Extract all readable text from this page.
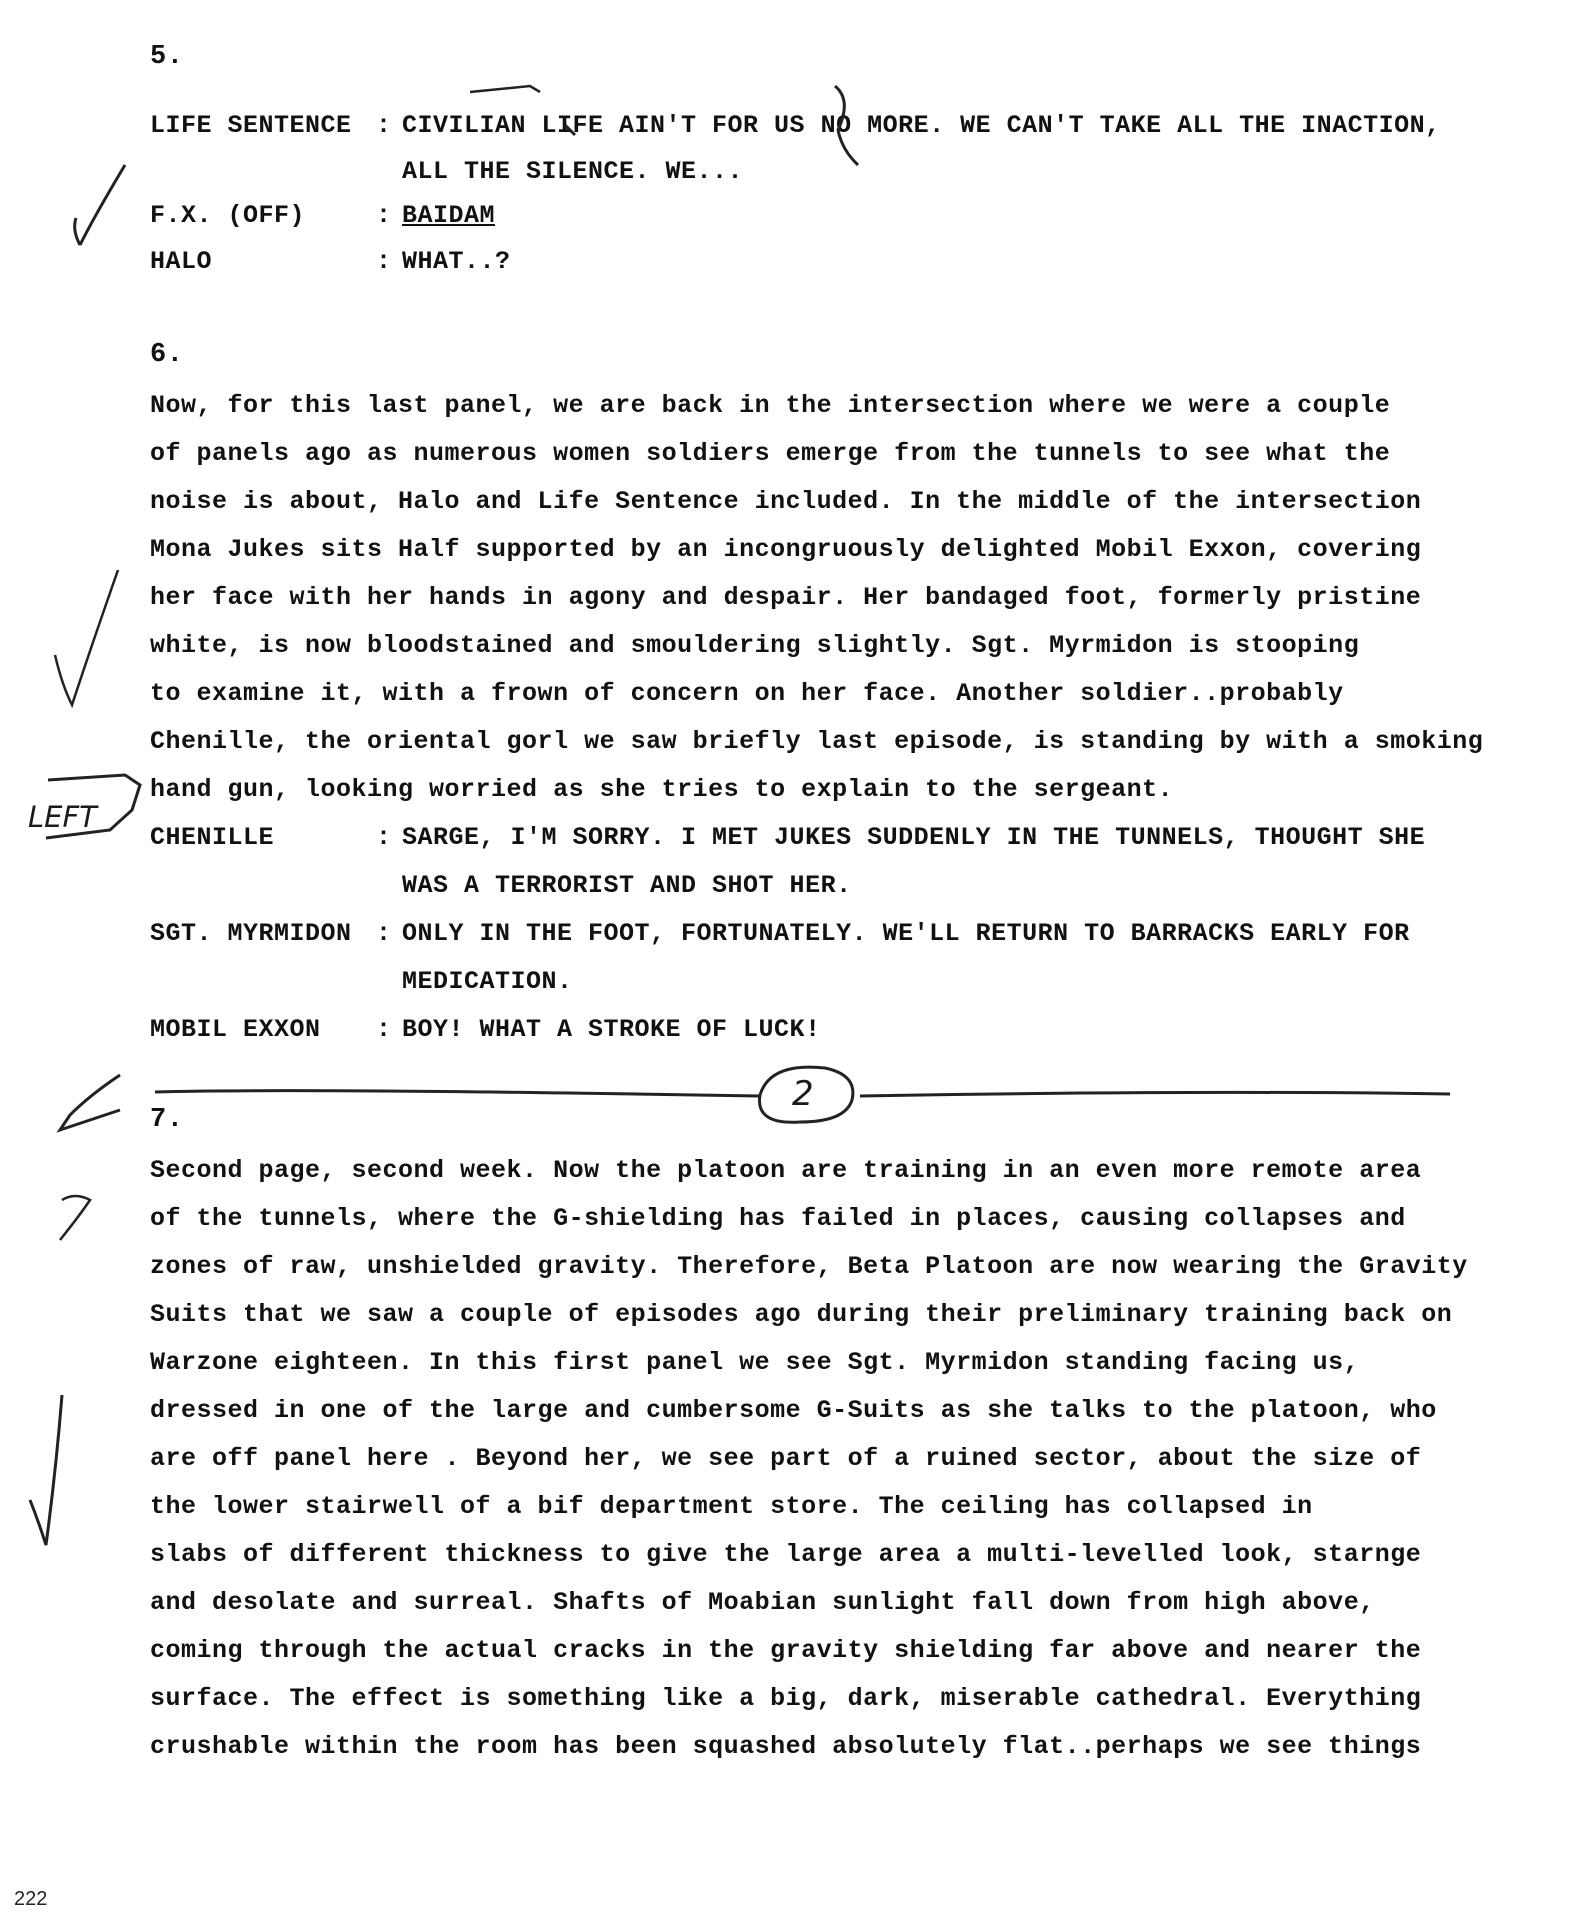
5.
LIFE SENTENCE : CIVILIAN LIFE AIN'T FOR US NO MORE. WE CAN'T TAKE ALL THE INACTION,
ALL THE SILENCE. WE...
F.X. (OFF)	: BAIDAM
HALO	: WHAT..?
6.
Now, for this last panel, we are back in the intersection where we were a couple
of panels ago as numerous women soldiers emerge from the tunnels to see what the
noise is about, Halo and Life Sentence included. In the middle of the intersection
Mona Jukes sits Half supported by an incongruously delighted Mobil Exxon, covering
her face with her hands in agony and despair. Her bandaged foot, formerly pristine
white, is now bloodstained and smouldering slightly. Sgt. Myrmidon is stooping
to examine it, with a frown of concern on her face. Another soldier..probably
Chenille, the oriental gorl we saw briefly last episode, is standing by with a smoking
hand gun, looking worried as she tries to explain to the sergeant.
CHENILLE	: SARGE, I'M SORRY. I MET JUKES SUDDENLY IN THE TUNNELS, THOUGHT SHE
WAS A TERRORIST AND SHOT HER.
SGT. MYRMIDON : ONLY IN THE FOOT, FORTUNATELY. WE'LL RETURN TO BARRACKS EARLY FOR
MEDICATION.
MOBIL EXXON	: BOY! WHAT A STROKE OF LUCK!
7.
Second page, second week. Now the platoon are training in an even more remote area
of the tunnels, where the G-shielding has failed in places, causing collapses and
zones of raw, unshielded gravity. Therefore, Beta Platoon are now wearing the Gravity
Suits that we saw a couple of episodes ago during their preliminary training back on
Warzone eighteen. In this first panel we see Sgt. Myrmidon standing facing us,
dressed in one of the large and cumbersome G-Suits as she talks to the platoon, who
are off panel here . Beyond her, we see part of a ruined sector, about the size of
the lower stairwell of a bif department store. The ceiling has collapsed in
slabs of different thickness to give the large area a multi-levelled look, starnge
and desolate and surreal. Shafts of Moabian sunlight fall down from high above,
coming through the actual cracks in the gravity shielding far above and nearer the
surface. The effect is something like a big, dark, miserable cathedral. Everything
crushable within the room has been squashed absolutely flat..perhaps we see things
LEFT
2
222
